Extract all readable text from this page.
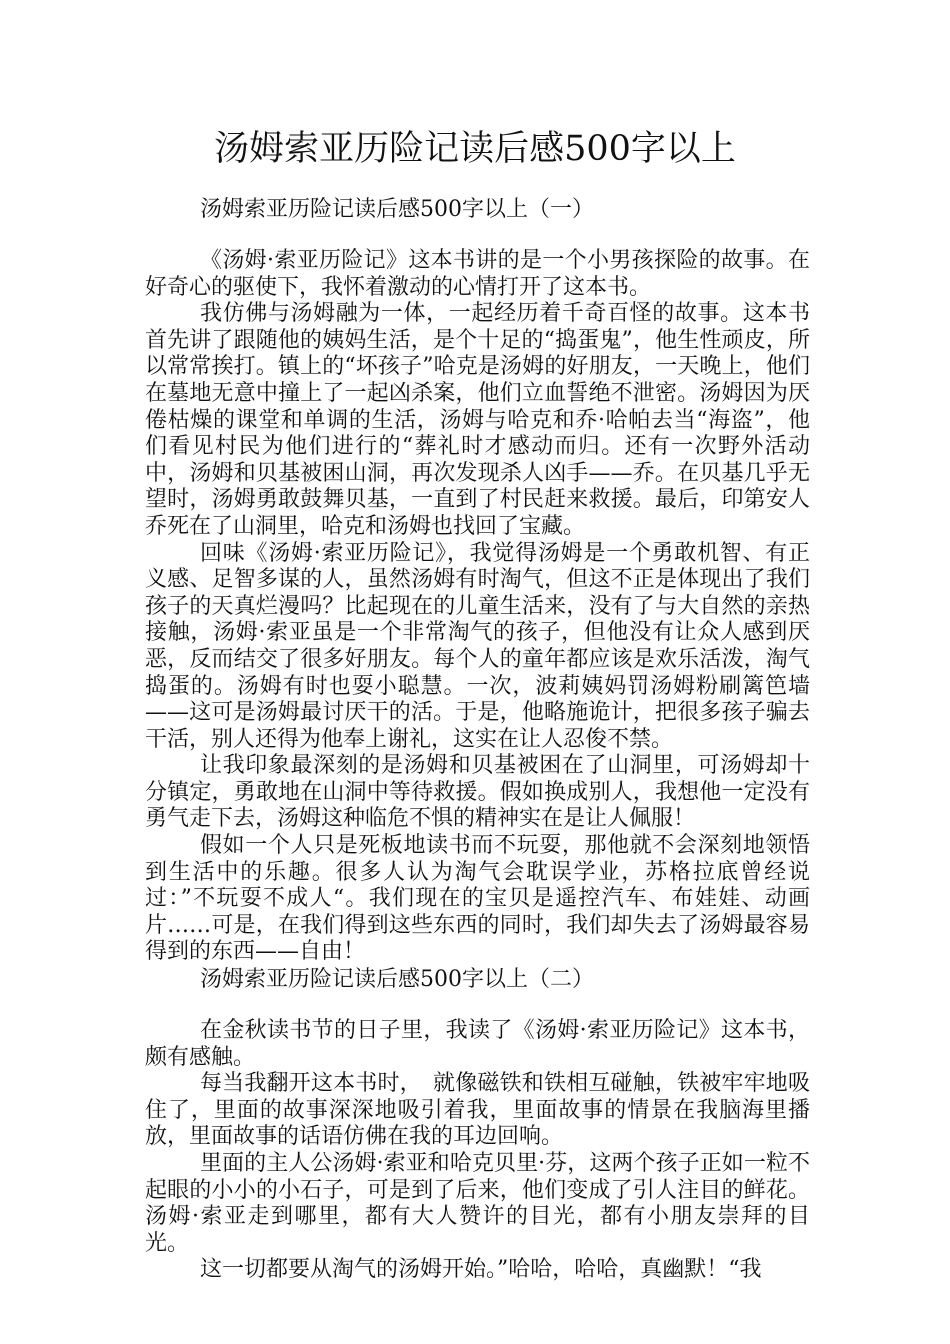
汤姆索亚历险记读后感500字以上

汤姆索亚历险记读后感500字以上（一）

《汤姆·索亚历险记》这本书讲的是一个小男孩探险的故事。在好奇心的驱使下，我怀着激动的心情打开了这本书。

我仿佛与汤姆融为一体，一起经历着千奇百怪的故事。这本书首先讲了跟随他的姨妈生活，是个十足的“捣蛋鬼”，他生性顽皮，所以常常挨打。镇上的“坏孩子”哈克是汤姆的好朋友，一天晚上，他们在墓地无意中撞上了一起凶杀案，他们立血誓绝不泄密。汤姆因为厌倦枯燥的课堂和单调的生活，汤姆与哈克和乔·哈帕去当“海盗”，他们看见村民为他们进行的“葬礼时才感动而归。还有一次野外活动中，汤姆和贝基被困山洞，再次发现杀人凶手——乔。在贝基几乎无望时，汤姆勇敢鼓舞贝基，一直到了村民赶来救援。最后，印第安人乔死在了山洞里，哈克和汤姆也找回了宝藏。

回味《汤姆·索亚历险记》，我觉得汤姆是一个勇敢机智、有正义感、足智多谋的人，虽然汤姆有时淘气，但这不正是体现出了我们孩子的天真烂漫吗？比起现在的儿童生活来，没有了与大自然的亲热接触，汤姆·索亚虽是一个非常淘气的孩子，但他没有让众人感到厌恶，反而结交了很多好朋友。每个人的童年都应该是欢乐活泼，淘气捣蛋的。汤姆有时也耍小聪慧。一次，波莉姨妈罚汤姆粉刷篱笆墙——这可是汤姆最讨厌干的活。于是，他略施诡计，把很多孩子骗去干活，别人还得为他奉上谢礼，这实在让人忍俊不禁。

让我印象最深刻的是汤姆和贝基被困在了山洞里，可汤姆却十分镇定，勇敢地在山洞中等待救援。假如换成别人，我想他一定没有勇气走下去，汤姆这种临危不惧的精神实在是让人佩服！

假如一个人只是死板地读书而不玩耍，那他就不会深刻地领悟到生活中的乐趣。很多人认为淘气会耽误学业，苏格拉底曾经说过：”不玩耍不成人“。我们现在的宝贝是遥控汽车、布娃娃、动画片……可是，在我们得到这些东西的同时，我们却失去了汤姆最容易得到的东西——自由！

汤姆索亚历险记读后感500字以上（二）

在金秋读书节的日子里，我读了《汤姆·索亚历险记》这本书，颇有感触。

每当我翻开这本书时，　就像磁铁和铁相互碰触，铁被牢牢地吸住了，里面的故事深深地吸引着我，里面故事的情景在我脑海里播放，里面故事的话语仿佛在我的耳边回响。

里面的主人公汤姆·索亚和哈克贝里·芬，这两个孩子正如一粒不起眼的小小的小石子，可是到了后来，他们变成了引人注目的鲜花。汤姆·索亚走到哪里，都有大人赞许的目光，都有小朋友崇拜的目光。

这一切都要从淘气的汤姆开始。”哈哈，哈哈，真幽默！“我
